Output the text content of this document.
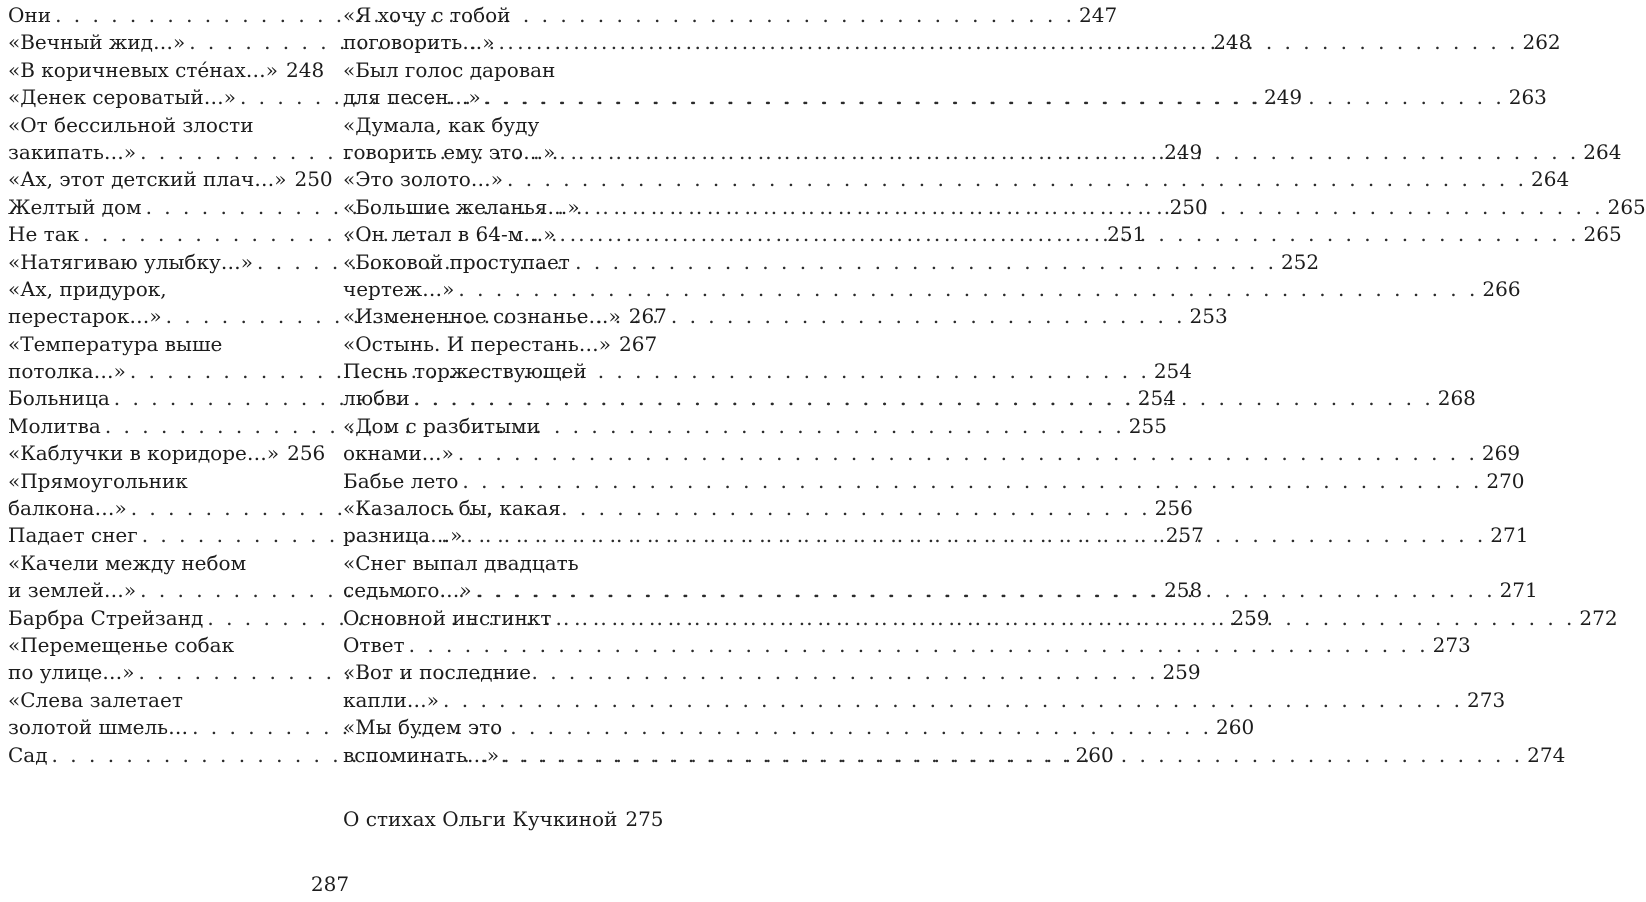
Они . . .	247
«Вечный жид…» . . .	248
«В коричневых сте́нах…» 248
«Денек сероватый…» . . .	249
«От бессильной злости
закипать…» . . .	249
«Ах, этот детский плач…» 250
Желтый дом . . .	250
Не так . . .	251
«Натягиваю улыбку…» . . .	252
«Ах, придурок,
перестарок…» . . .	253
«Температура выше
потолка…» . . .	254
Больница . . .	254
Молитва . . .	255
«Каблучки в коридоре…» 256
«Прямоугольник
балкона…» . . .	256
Падает снег . . .	257
«Качели между небом
и землей…» . . .	258
Барбра Стрейзанд . . .	259
«Перемещенье собак
по улице…» . . .	259
«Слева залетает
золотой шмель… . . .	260
Сад . . .	260
«Я хочу с тобой
поговорить…» . . .	262
«Был голос дарован
для песен…» . . .	263
«Думала, как буду
говорить ему это…» . . .	264
«Это золото…» . . .	264
«Большие желанья…» . . .	265
«Он летал в 64-м…» . . .	265
«Боковой проступает
чертеж…» . . .	266
«Измененное сознанье…» 267
«Остынь. И перестань…» 267
Песнь торжествующей
любви . . .	268
«Дом с разбитыми
окнами…» . . .	269
Бабье лето . . .	270
«Казалось бы, какая
разница…» . . .	271
«Снег выпал двадцать
седьмого…» . . .	271
Основной инстинкт . . .	272
Ответ . . .	273
«Вот и последние
капли…» . . .	273
«Мы будем это
вспоминать…» . . .	274
О стихах Ольги Кучкиной 275
287
